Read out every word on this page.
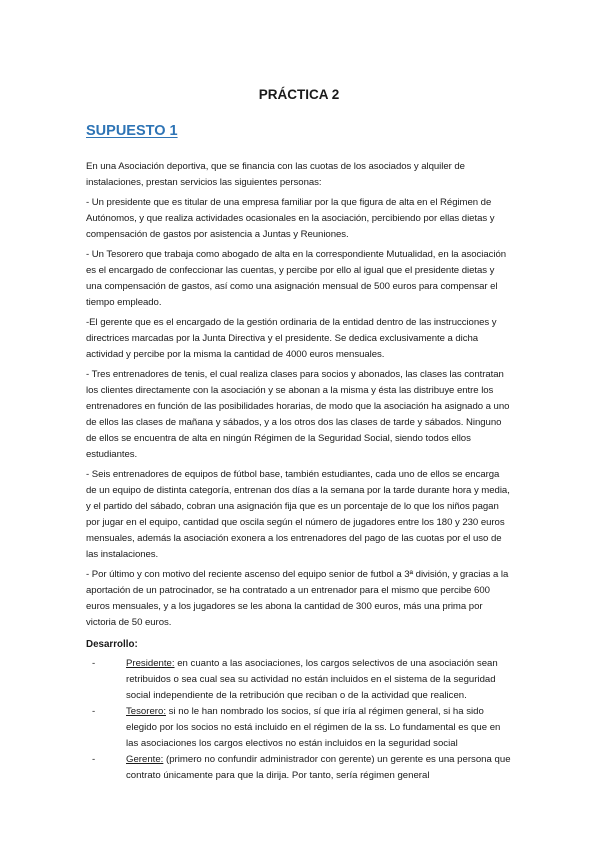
PRÁCTICA 2
SUPUESTO 1

En una Asociación deportiva, que se financia con las cuotas de los asociados y alquiler de instalaciones, prestan servicios las siguientes personas:

- Un presidente que es titular de una empresa familiar por la que figura de alta en el Régimen de Autónomos, y que realiza actividades ocasionales en la asociación, percibiendo por ellas dietas y compensación de gastos por asistencia a Juntas y Reuniones.

- Un Tesorero que trabaja como abogado de alta en la correspondiente Mutualidad, en la asociación es el encargado de confeccionar las cuentas, y percibe por ello al igual que el presidente dietas y una compensación de gastos, así como una asignación mensual de 500 euros para compensar el tiempo empleado.

-El gerente que es el encargado de la gestión ordinaria de la entidad dentro de las instrucciones y directrices marcadas por la Junta Directiva y el presidente. Se dedica exclusivamente a dicha actividad y percibe por la misma la cantidad de 4000 euros mensuales.

- Tres entrenadores de tenis, el cual realiza clases para socios y abonados, las clases las contratan los clientes directamente con la asociación y se abonan a la misma y ésta las distribuye entre los entrenadores en función de las posibilidades horarias, de modo que la asociación ha asignado a uno de ellos las clases de mañana y sábados, y a los otros dos las clases de tarde y sábados. Ninguno de ellos se encuentra de alta en ningún Régimen de la Seguridad Social, siendo todos ellos estudiantes.

- Seis entrenadores de equipos de fútbol base, también estudiantes, cada uno de ellos se encarga de un equipo de distinta categoría, entrenan dos días a la semana por la tarde durante hora y media, y el partido del sábado, cobran una asignación fija que es un porcentaje de lo que los niños pagan por jugar en el equipo, cantidad que oscila según el número de jugadores entre los 180 y 230 euros mensuales, además la asociación exonera a los entrenadores del pago de las cuotas por el uso de las instalaciones.

- Por último y con motivo del reciente ascenso del equipo senior de futbol a 3ª división, y gracias a la aportación de un patrocinador, se ha contratado a un entrenador para el mismo que percibe 600 euros mensuales, y a los jugadores se les abona la cantidad de 300 euros, más una prima por victoria de 50 euros.

Desarrollo:
-	Presidente: en cuanto a las asociaciones, los cargos selectivos de una asociación sean retribuidos o sea cual sea su actividad no están incluidos en el sistema de la seguridad social independiente de la retribución que reciban o de la actividad que realicen.
-	Tesorero: si no le han nombrado los socios, sí que iría al régimen general, si ha sido elegido por los socios no está incluido en el régimen de la ss. Lo fundamental es que en las asociaciones los cargos electivos no están incluidos en la seguridad social
-	Gerente: (primero no confundir administrador con gerente) un gerente es una persona que contrato únicamente para que la dirija. Por tanto, sería régimen general
